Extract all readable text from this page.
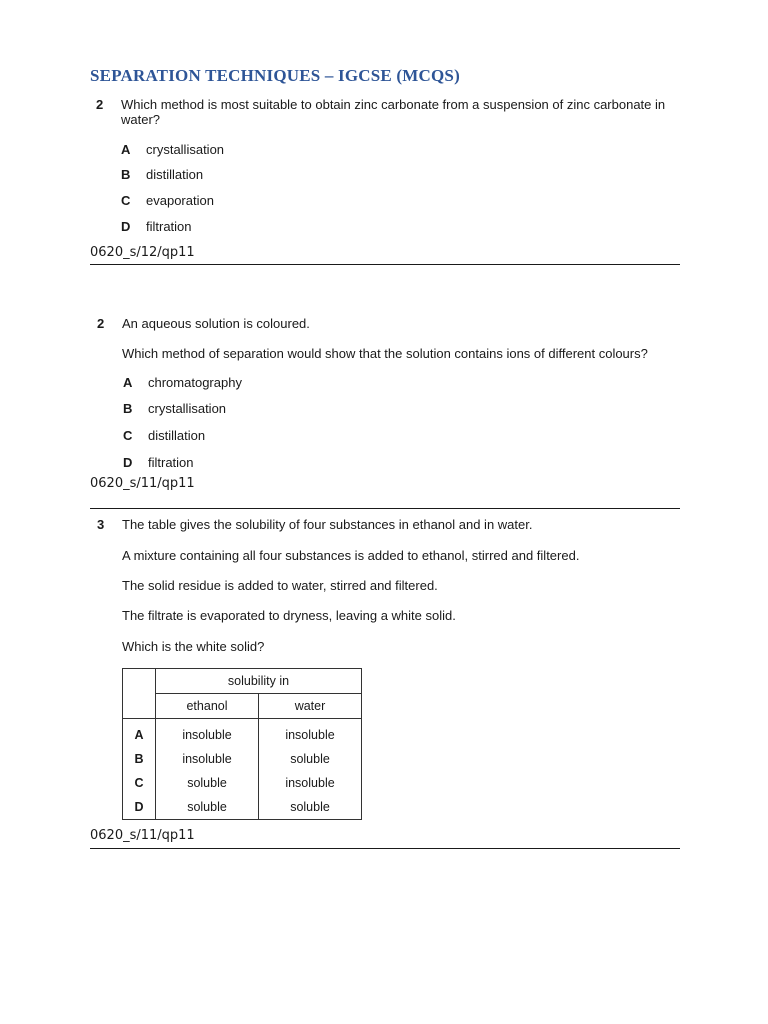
SEPARATION TECHNIQUES – IGCSE (MCQS)
2 Which method is most suitable to obtain zinc carbonate from a suspension of zinc carbonate in water?
A crystallisation
B distillation
C evaporation
D filtration
0620_s/12/qp11
2 An aqueous solution is coloured.
Which method of separation would show that the solution contains ions of different colours?
A chromatography
B crystallisation
C distillation
D filtration
0620_s/11/qp11
3 The table gives the solubility of four substances in ethanol and in water.
A mixture containing all four substances is added to ethanol, stirred and filtered.
The solid residue is added to water, stirred and filtered.
The filtrate is evaporated to dryness, leaving a white solid.
Which is the white solid?
	solubility in	
	ethanol	water
A	insoluble	insoluble
B	insoluble	soluble
C	soluble	insoluble
D	soluble	soluble
0620_s/11/qp11
